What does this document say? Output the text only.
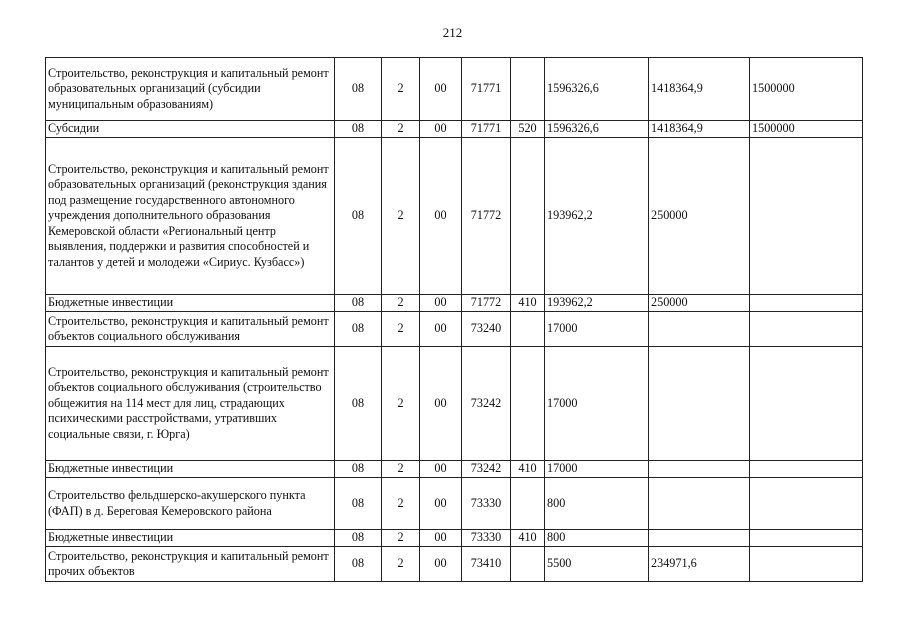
212
Строительство, реконструкция и капитальный ремонт образовательных организаций (субсидии муниципальным образованиям)	08	2	00	71771		1596326,6	1418364,9	1500000
Субсидии	08	2	00	71771	520	1596326,6	1418364,9	1500000
Строительство, реконструкция и капитальный ремонт образовательных организаций (реконструкция здания под размещение государственного автономного учреждения дополнительного образования Кемеровской области «Региональный центр выявления, поддержки и развития способностей и талантов у детей и молодежи «Сириус. Кузбасс»)	08	2	00	71772		193962,2	250000	
Бюджетные инвестиции	08	2	00	71772	410	193962,2	250000	
Строительство, реконструкция и капитальный ремонт объектов социального обслуживания	08	2	00	73240		17000		
Строительство, реконструкция и капитальный ремонт объектов социального обслуживания (строительство общежития на 114 мест для лиц, страдающих психическими расстройствами, утративших социальные связи, г. Юрга)	08	2	00	73242		17000		
Бюджетные инвестиции	08	2	00	73242	410	17000		
Строительство фельдшерско-акушерского пункта (ФАП) в д. Береговая Кемеровского района	08	2	00	73330		800		
Бюджетные инвестиции	08	2	00	73330	410	800		
Строительство, реконструкция и капитальный ремонт прочих объектов	08	2	00	73410		5500	234971,6	
